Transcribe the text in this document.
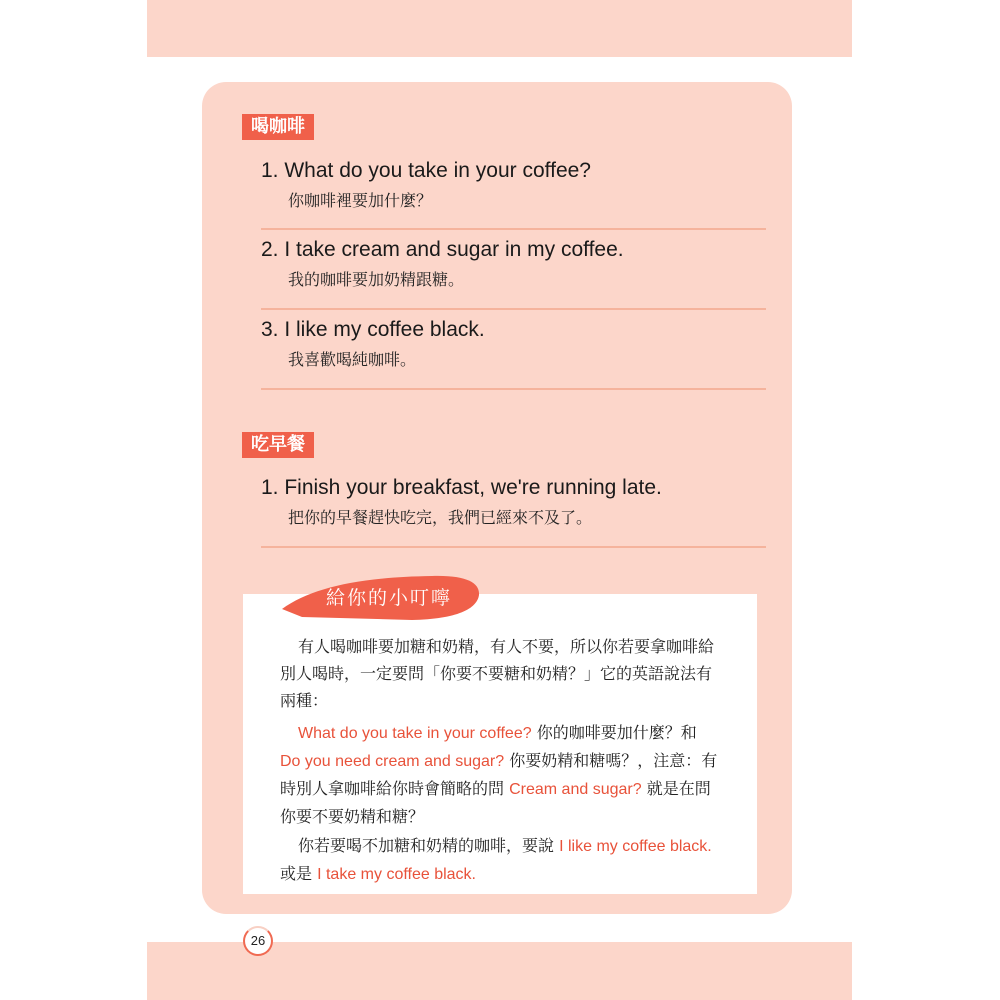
喝咖啡
1. What do you take in your coffee?
你咖啡裡要加什麼？
2. I take cream and sugar in my coffee.
我的咖啡要加奶精跟糖。
3. I like my coffee black.
我喜歡喝純咖啡。
吃早餐
1. Finish your breakfast, we're running late.
把你的早餐趕快吃完，我們已經來不及了。
給你的小叮嚀

有人喝咖啡要加糖和奶精，有人不要，所以你若要拿咖啡給別人喝時，一定要問「你要不要糖和奶精？」它的英語說法有兩種：

What do you take in your coffee? 你的咖啡要加什麼？和 Do you need cream and sugar? 你要奶精和糖嗎？，注意：有時別人拿咖啡給你時會簡略的問 Cream and sugar? 就是在問你要不要奶精和糖？

你若要喝不加糖和奶精的咖啡，要說 I like my coffee black. 或是 I take my coffee black.

26
